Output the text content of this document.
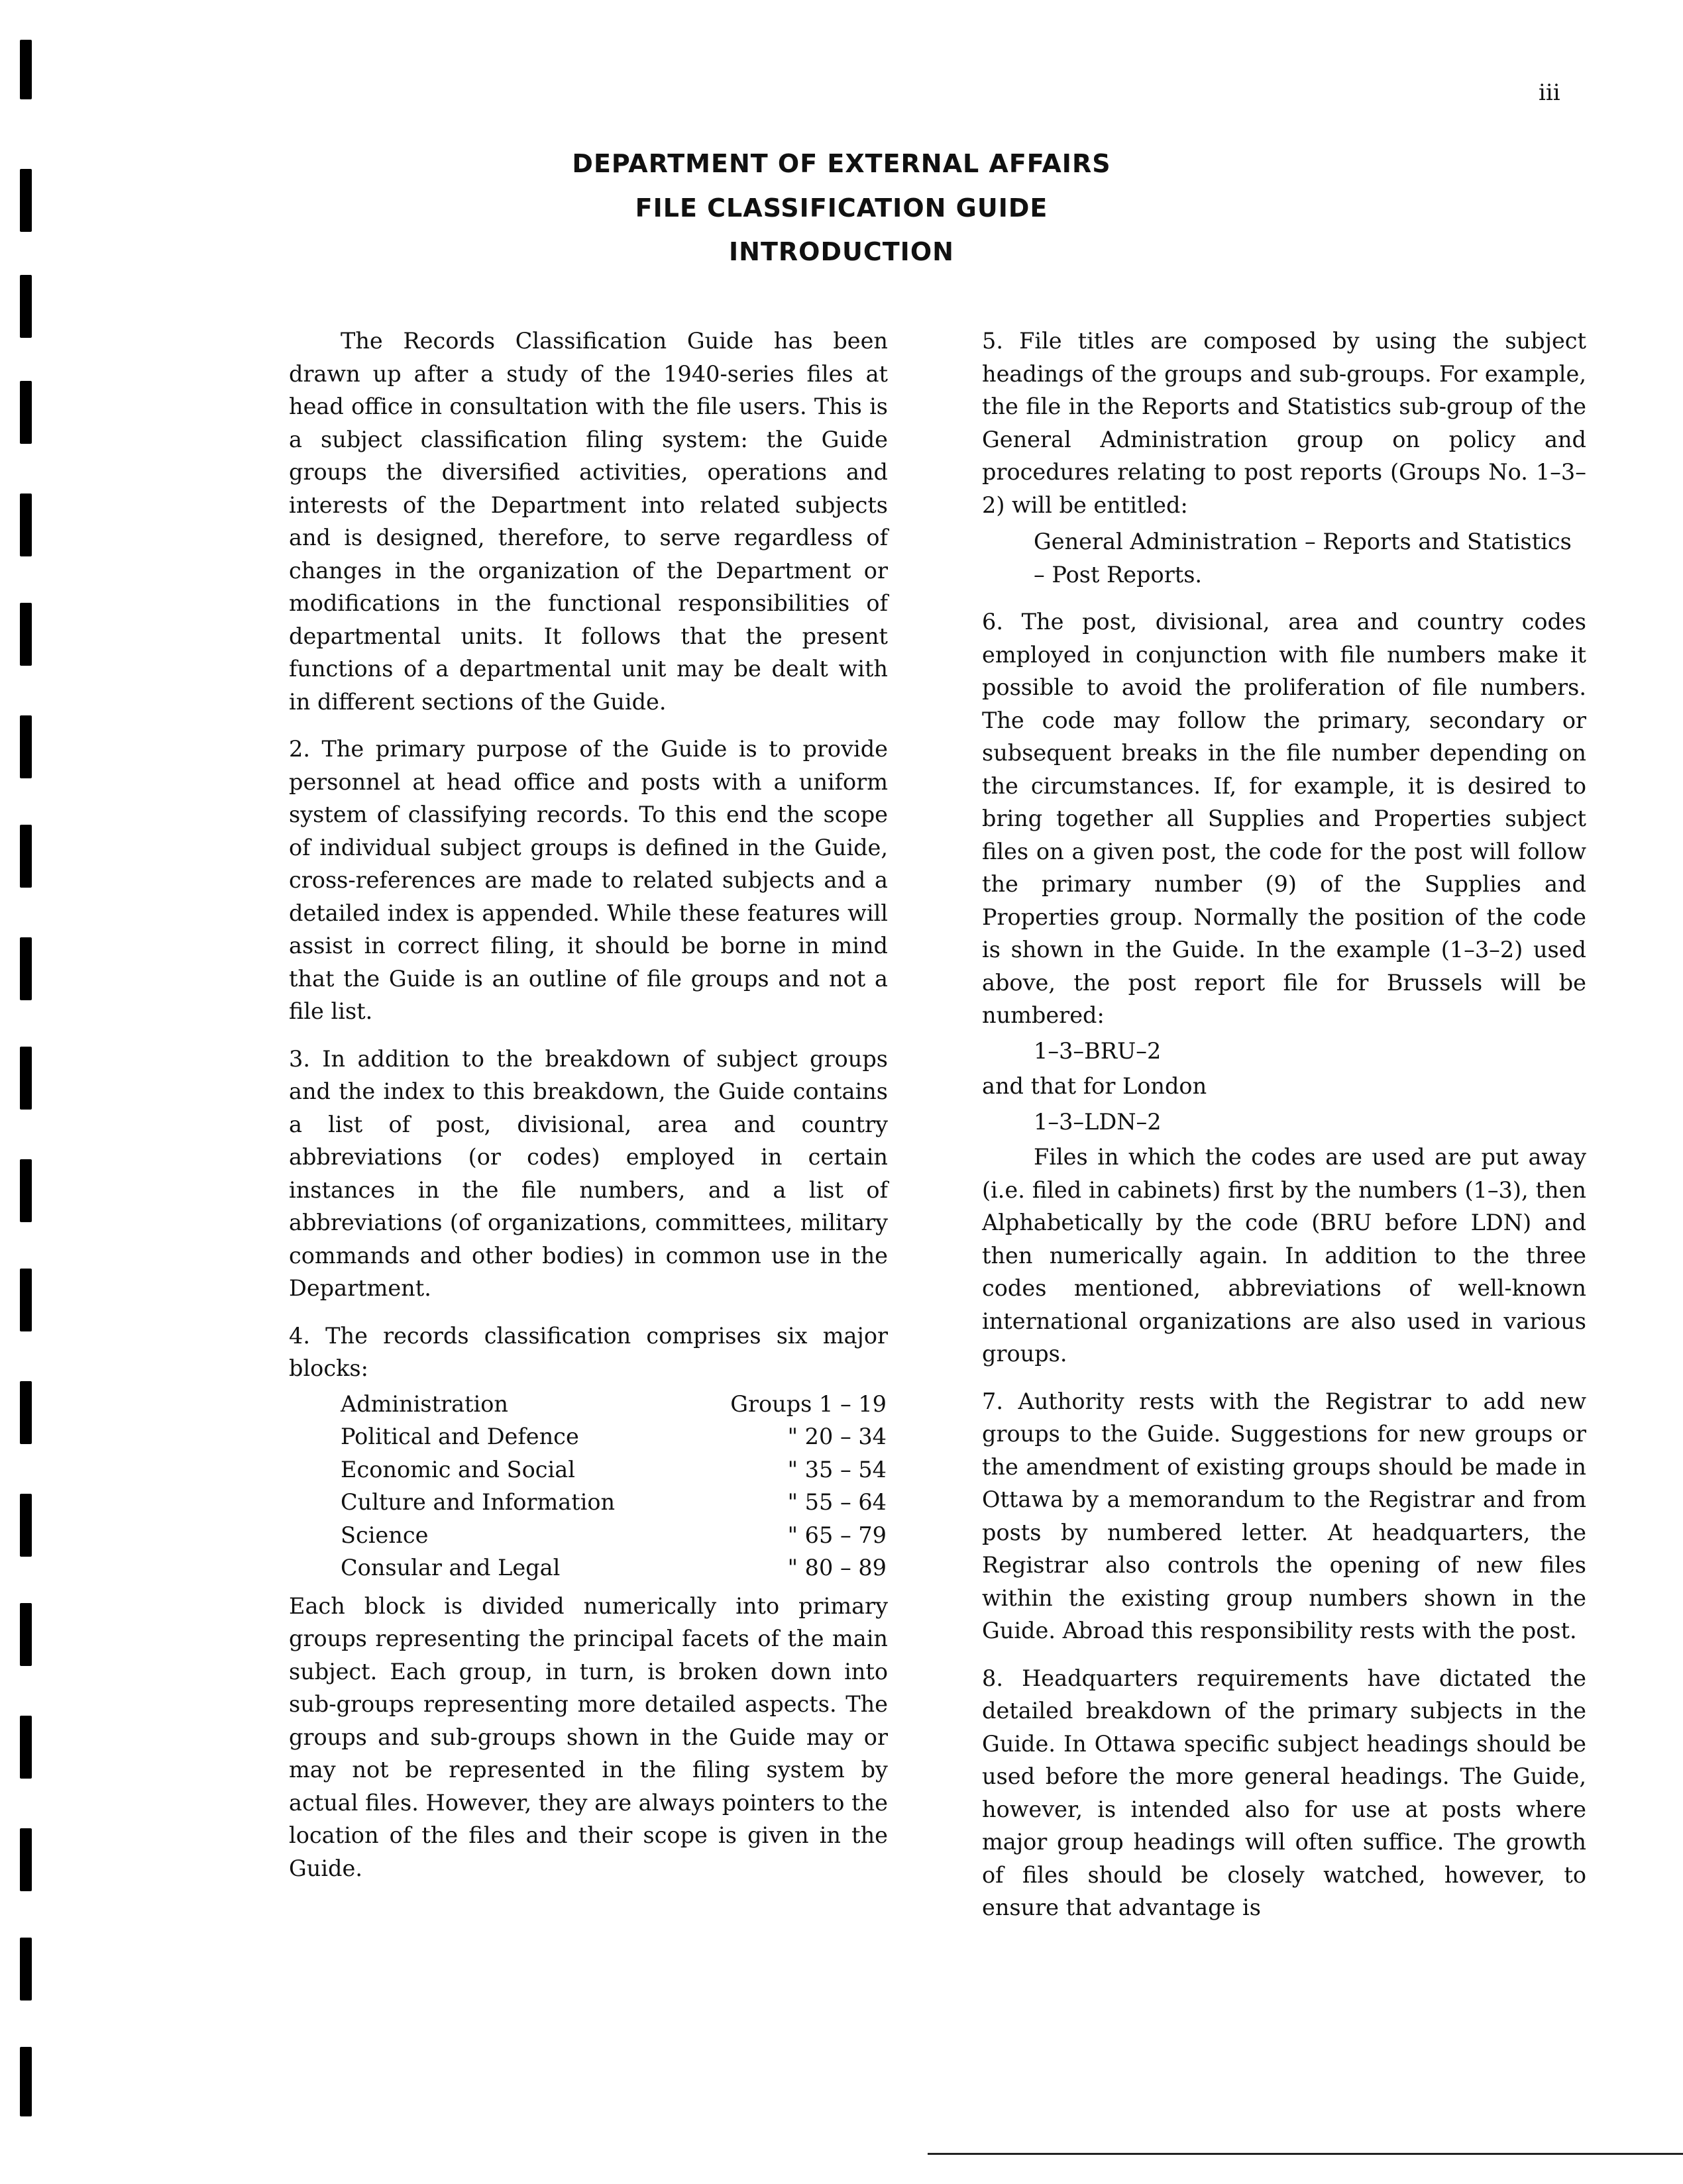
iii
DEPARTMENT OF EXTERNAL AFFAIRS
FILE CLASSIFICATION GUIDE
INTRODUCTION

The Records Classification Guide has been drawn up after a study of the 1940-series files at head office in consultation with the file users. This is a subject classification filing system: the Guide groups the diversified activities, operations and interests of the Department into related subjects and is designed, therefore, to serve regardless of changes in the organization of the Department or modifications in the functional responsibilities of departmental units. It follows that the present functions of a departmental unit may be dealt with in different sections of the Guide.

2. The primary purpose of the Guide is to provide personnel at head office and posts with a uniform system of classifying records. To this end the scope of individual subject groups is defined in the Guide, cross-references are made to related subjects and a detailed index is appended. While these features will assist in correct filing, it should be borne in mind that the Guide is an outline of file groups and not a file list.

3. In addition to the breakdown of subject groups and the index to this breakdown, the Guide contains a list of post, divisional, area and country abbreviations (or codes) employed in certain instances in the file numbers, and a list of abbreviations (of organizations, committees, military commands and other bodies) in common use in the Department.

4. The records classification comprises six major blocks:

Administration	Groups 1 – 19
Political and Defence	" 20 – 34
Economic and Social	" 35 – 54
Culture and Information	" 55 – 64
Science	" 65 – 79
Consular and Legal	" 80 – 89

Each block is divided numerically into primary groups representing the principal facets of the main subject. Each group, in turn, is broken down into sub-groups representing more detailed aspects. The groups and sub-groups shown in the Guide may or may not be represented in the filing system by actual files. However, they are always pointers to the location of the files and their scope is given in the Guide.

5. File titles are composed by using the subject headings of the groups and sub-groups. For example, the file in the Reports and Statistics sub-group of the General Administration group on policy and procedures relating to post reports (Groups No. 1–3–2) will be entitled:

General Administration – Reports and Statistics – Post Reports.

6. The post, divisional, area and country codes employed in conjunction with file numbers make it possible to avoid the proliferation of file numbers. The code may follow the primary, secondary or subsequent breaks in the file number depending on the circumstances. If, for example, it is desired to bring together all Supplies and Properties subject files on a given post, the code for the post will follow the primary number (9) of the Supplies and Properties group. Normally the position of the code is shown in the Guide. In the example (1–3–2) used above, the post report file for Brussels will be numbered:

1–3–BRU–2

and that for London

1–3–LDN–2

Files in which the codes are used are put away (i.e. filed in cabinets) first by the numbers (1–3), then Alphabetically by the code (BRU before LDN) and then numerically again. In addition to the three codes mentioned, abbreviations of well-known international organizations are also used in various groups.

7. Authority rests with the Registrar to add new groups to the Guide. Suggestions for new groups or the amendment of existing groups should be made in Ottawa by a memorandum to the Registrar and from posts by numbered letter. At headquarters, the Registrar also controls the opening of new files within the existing group numbers shown in the Guide. Abroad this responsibility rests with the post.

8. Headquarters requirements have dictated the detailed breakdown of the primary subjects in the Guide. In Ottawa specific subject headings should be used before the more general headings. The Guide, however, is intended also for use at posts where major group headings will often suffice. The growth of files should be closely watched, however, to ensure that advantage is
